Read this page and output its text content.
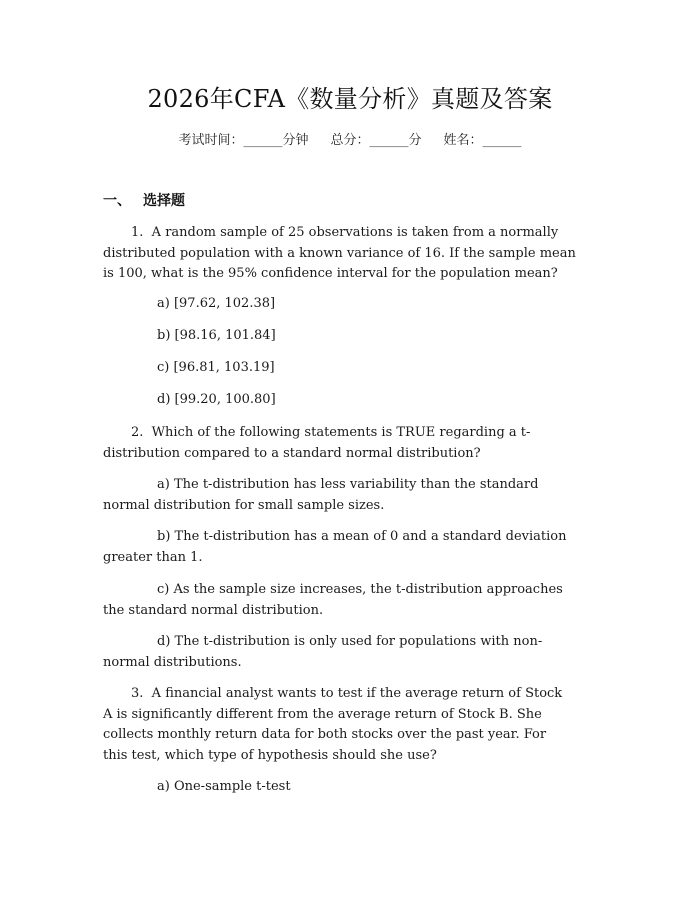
2026年CFA《数量分析》真题及答案
考试时间：______分钟 总分：______分 姓名：______
一、 选择题
1.  A random sample of 25 observations is taken from a normally
distributed population with a known variance of 16. If the sample mean
is 100, what is the 95% confidence interval for the population mean?
a) [97.62, 102.38]
b) [98.16, 101.84]
c) [96.81, 103.19]
d) [99.20, 100.80]
2.  Which of the following statements is TRUE regarding a t-
distribution compared to a standard normal distribution?
a) The t-distribution has less variability than the standard
normal distribution for small sample sizes.
b) The t-distribution has a mean of 0 and a standard deviation
greater than 1.
c) As the sample size increases, the t-distribution approaches
the standard normal distribution.
d) The t-distribution is only used for populations with non-
normal distributions.
3.  A financial analyst wants to test if the average return of Stock
A is significantly different from the average return of Stock B. She
collects monthly return data for both stocks over the past year. For
this test, which type of hypothesis should she use?
a) One-sample t-test
